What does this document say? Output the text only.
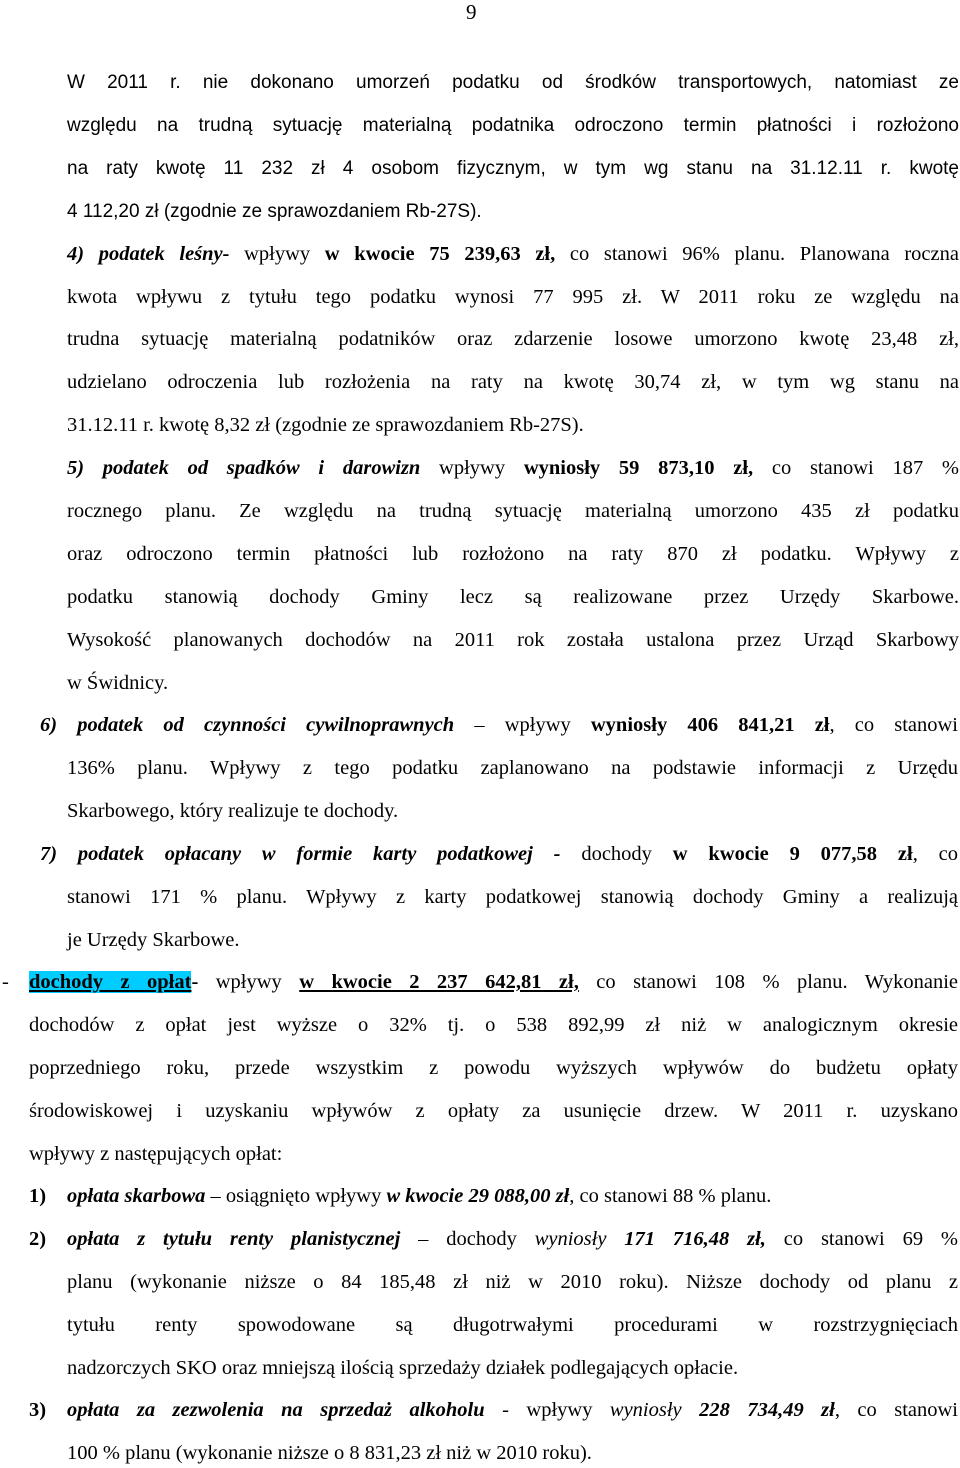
9
W 2011 r. nie dokonano umorzeń podatku od środków transportowych, natomiast ze
względu na trudną sytuację materialną podatnika odroczono termin płatności i rozłożono
na raty kwotę 11 232 zł 4 osobom fizycznym, w tym wg stanu na 31.12.11 r. kwotę
4 112,20 zł (zgodnie ze sprawozdaniem Rb-27S).
4) podatek leśny- wpływy w kwocie 75 239,63 zł, co stanowi 96% planu. Planowana roczna
kwota wpływu z tytułu tego podatku wynosi 77 995 zł. W 2011 roku ze względu na
trudna sytuację materialną podatników oraz zdarzenie losowe umorzono kwotę 23,48 zł,
udzielano odroczenia lub rozłożenia na raty na kwotę 30,74 zł, w tym wg stanu na
31.12.11 r. kwotę 8,32 zł (zgodnie ze sprawozdaniem Rb-27S).
5) podatek od spadków i darowizn wpływy wyniosły 59 873,10 zł, co stanowi 187 %
rocznego planu. Ze względu na trudną sytuację materialną umorzono 435 zł podatku
oraz odroczono termin płatności lub rozłożono na raty 870 zł podatku. Wpływy z
podatku stanowią dochody Gminy lecz są realizowane przez Urzędy Skarbowe.
Wysokość planowanych dochodów na 2011 rok została ustalona przez Urząd Skarbowy
w Świdnicy.
6) podatek od czynności cywilnoprawnych – wpływy wyniosły 406 841,21 zł, co stanowi
136% planu. Wpływy z tego podatku zaplanowano na podstawie informacji z Urzędu
Skarbowego, który realizuje te dochody.
7) podatek opłacany w formie karty podatkowej - dochody w kwocie 9 077,58 zł, co
stanowi 171 % planu. Wpływy z karty podatkowej stanowią dochody Gminy a realizują
je Urzędy Skarbowe.
- dochody z opłat- wpływy w kwocie 2 237 642,81 zł, co stanowi 108 % planu. Wykonanie
dochodów z opłat jest wyższe o 32% tj. o 538 892,99 zł niż w analogicznym okresie
poprzedniego roku, przede wszystkim z powodu wyższych wpływów do budżetu opłaty
środowiskowej i uzyskaniu wpływów z opłaty za usunięcie drzew. W 2011 r. uzyskano
wpływy z następujących opłat:
1) opłata skarbowa – osiągnięto wpływy w kwocie 29 088,00 zł, co stanowi 88 % planu.
2) opłata z tytułu renty planistycznej – dochody wyniosły 171 716,48 zł, co stanowi 69 %
planu (wykonanie niższe o 84 185,48 zł niż w 2010 roku). Niższe dochody od planu z
tytułu renty spowodowane są długotrwałymi procedurami w rozstrzygnięciach
nadzorczych SKO oraz mniejszą ilością sprzedaży działek podlegających opłacie.
3) opłata za zezwolenia na sprzedaż alkoholu - wpływy wyniosły 228 734,49 zł, co stanowi
100 % planu (wykonanie niższe o 8 831,23 zł niż w 2010 roku).
